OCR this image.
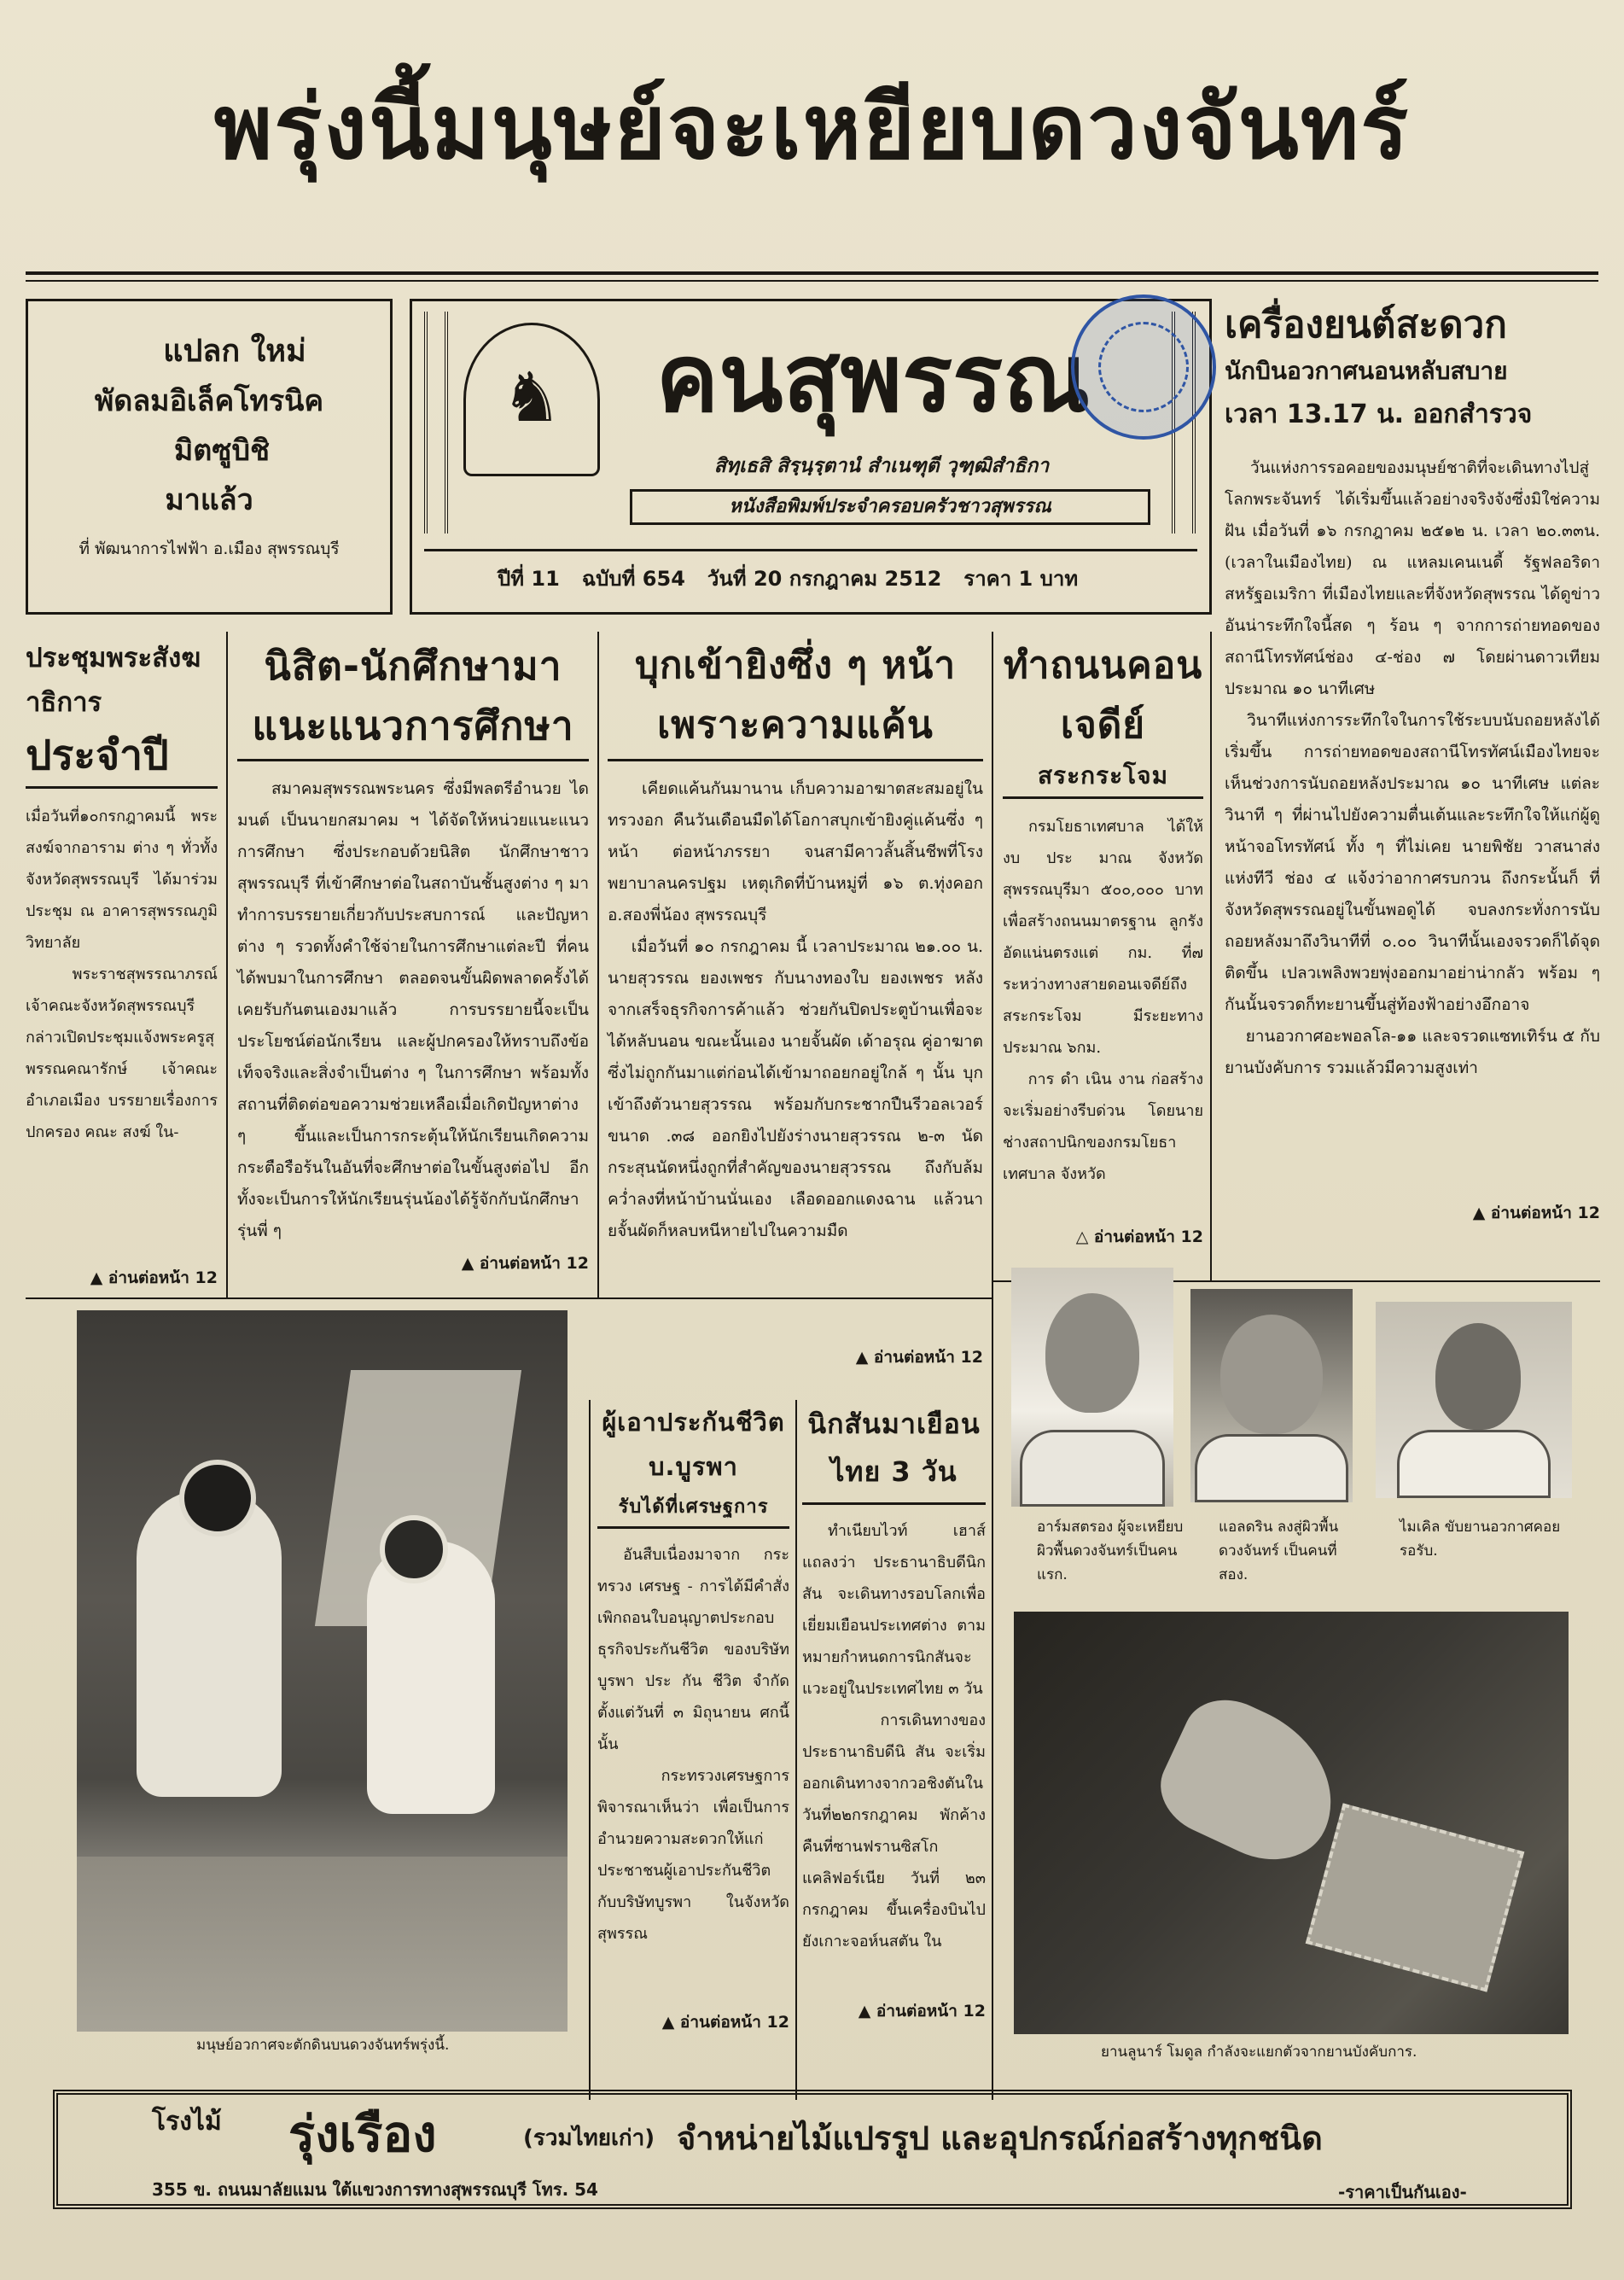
พรุ่งนี้มนุษย์จะเหยียบดวงจันทร์
แปลก ใหม่
พัดลมอิเล็คโทรนิค
มิตซูบิชิ
มาแล้ว
ที่ พัฒนาการไฟฟ้า อ.เมือง สุพรรณบุรี
♞ คนสุพรรณ
สิทฺเธสิ สิรฺนฺรฺตานํ สำเนฑุตี วุฑฺฒิสำธิกา
หนังสือพิมพ์ประจำครอบครัวชาวสุพรรณ
ปีที่ 11 ฉบับที่ 654 วันที่ 20 กรกฎาคม 2512 ราคา 1 บาท
เครื่องยนต์สะดวก
นักบินอวกาศนอนหลับสบาย
เวลา 13.17 น. ออกสำรวจ
วันแห่งการรอคอยของมนุษย์ชาติที่จะเดินทางไปสู่โลกพระจันทร์ ได้เริ่มขึ้นแล้วอย่างจริงจังซึ่งมิใช่ความฝัน เมื่อวันที่ ๑๖ กรกฎาคม ๒๕๑๒ น. เวลา ๒๐.๓๓น. (เวลาในเมืองไทย) ณ แหลมเคนเนดี้ รัฐฟลอริดา สหรัฐอเมริกา ที่เมืองไทยและที่จังหวัดสุพรรณ ได้ดูข่าวอันน่าระทึกใจนี้สด ๆ ร้อน ๆ จากการถ่ายทอดของสถานีโทรทัศน์ช่อง ๔-ช่อง ๗ โดยผ่านดาวเทียมประมาณ ๑๐ นาทีเศษ
วินาทีแห่งการระทึกใจในการใช้ระบบนับถอยหลังได้เริ่มขึ้น การถ่ายทอดของสถานีโทรทัศน์เมืองไทยจะเห็นช่วงการนับถอยหลังประมาณ ๑๐ นาทีเศษ แต่ละวินาที ๆ ที่ผ่านไปยังความตื่นเต้นและระทึกใจให้แก่ผู้ดูหน้าจอโทรทัศน์ ทั้ง ๆ ที่ไม่เคย นายพิชัย วาสนาส่ง แห่งทีวี ช่อง ๔ แจ้งว่าอากาศรบกวน ถึงกระนั้นก็ ที่จังหวัดสุพรรณอยู่ในขั้นพอดูได้ จบลงกระทั่งการนับถอยหลังมาถึงวินาทีที่ ๐.๐๐ วินาทีนั้นเองจรวดก็ได้จุดติดขึ้น เปลวเพลิงพวยพุ่งออกมาอย่าน่ากลัว พร้อม ๆ กันนั้นจรวดก็ทะยานขึ้นสู่ท้องฟ้าอย่างอึกอาจ
ยานอวกาศอะพอลโล-๑๑ และจรวดแซทเทิร์น ๕ กับยานบังคับการ รวมแล้วมีความสูงเท่า
▲ อ่านต่อหน้า 12
ประชุมพระสังฆาธิการ
ประจำปี
เมื่อวันที่๑๐กรกฎาคมนี้ พระสงฆ์จากอาราม ต่าง ๆ ทั่วทั้งจังหวัดสุพรรณบุรี ได้มาร่วมประชุม ณ อาคารสุพรรณภูมิวิทยาลัย
พระราชสุพรรณาภรณ์ เจ้าคณะจังหวัดสุพรรณบุรี กล่าวเปิดประชุมแจ้งพระครูสุพรรณคณารักษ์ เจ้าคณะอำเภอเมือง บรรยายเรื่องการปกครอง คณะ สงฆ์ ใน-
▲ อ่านต่อหน้า 12
นิสิต-นักศึกษามาแนะแนวการศึกษา
สมาคมสุพรรณพระนคร ซึ่งมีพลตรีอำนวย ไดมนต์ เป็นนายกสมาคม ฯ ได้จัดให้หน่วยแนะแนวการศึกษา ซึ่งประกอบด้วยนิสิต นักศึกษาชาวสุพรรณบุรี ที่เข้าศึกษาต่อในสถาบันชั้นสูงต่าง ๆ มาทำการบรรยายเกี่ยวกับประสบการณ์ และปัญหาต่าง ๆ รวดทั้งคำใช้จ่ายในการศึกษาแต่ละปี ที่คนได้พบมาในการศึกษา ตลอดจนขั้นผิดพลาดครั้งได้เคยรับกันตนเองมาแล้ว การบรรยายนี้จะเป็นประโยชน์ต่อนักเรียน และผู้ปกครองให้ทราบถึงข้อเท็จจริงและสิ่งจำเป็นต่าง ๆ ในการศึกษา พร้อมทั้งสถานที่ติดต่อขอความช่วยเหลือเมื่อเกิดปัญหาต่าง ๆ ขึ้นและเป็นการกระตุ้นให้นักเรียนเกิดความกระตือรือร้นในอันที่จะศึกษาต่อในขั้นสูงต่อไป อีกทั้งจะเป็นการให้นักเรียนรุ่นน้องได้รู้จักกับนักศึกษารุ่นพี่ ๆ
▲ อ่านต่อหน้า 12
บุกเข้ายิงซึ่ง ๆ หน้าเพราะความแค้น
เคียดแค้นกันมานาน เก็บความอาฆาตสะสมอยู่ในทรวงอก คืนวันเดือนมืดได้โอกาสบุกเข้ายิงคู่แค้นซึ่ง ๆ หน้า ต่อหน้าภรรยา จนสามีคาวลั้นสิ้นชีพที่โรงพยาบาลนครปฐม เหตุเกิดที่บ้านหมู่ที่ ๑๖ ต.ทุ่งคอก อ.สองพี่น้อง สุพรรณบุรี
เมื่อวันที่ ๑๐ กรกฎาคม นี้ เวลาประมาณ ๒๑.๐๐ น. นายสุวรรณ ยองเพชร กับนางทองใบ ยองเพชร หลังจากเสร็จธุรกิจการค้าแล้ว ช่วยกันปิดประตูบ้านเพื่อจะได้หลับนอน ขณะนั้นเอง นายจั้นผัด เด้าอรุณ คู่อาฆาตซึ่งไม่ถูกกันมาแต่ก่อนได้เข้ามาถอยกอยู่ใกล้ ๆ นั้น บุกเข้าถึงตัวนายสุวรรณ พร้อมกับกระชากปืนรีวอลเวอร์ขนาด .๓๘ ออกยิงไปยังร่างนายสุวรรณ ๒-๓ นัด กระสุนนัดหนึ่งถูกที่สำคัญของนายสุวรรณ ถึงกับล้มคว่ำลงที่หน้าบ้านนั่นเอง เลือดออกแดงฉาน แล้วนายจั้นผัดก็หลบหนีหายไปในความมืด
▲ อ่านต่อหน้า 12
ทำถนนคอนเจดีย์
สระกระโจม
กรมโยธาเทศบาล ได้ให้ งบ ประ มาณ จังหวัดสุพรรณบุรีมา ๕๐๐,๐๐๐ บาท เพื่อสร้างถนนมาตรฐาน ลูกรังอัดแน่นตรงแต่ กม. ที่๗ ระหว่างทางสายดอนเจดีย์ถึง สระกระโจม มีระยะทางประมาณ ๖กม.
การ ดำ เนิน งาน ก่อสร้าง จะเริ่มอย่างรีบด่วน โดยนายช่างสถาปนิกของกรมโยธาเทศบาล จังหวัด
△ อ่านต่อหน้า 12
มนุษย์อวกาศจะตักดินบนดวงจันทร์พรุ่งนี้.
ผู้เอาประกันชีวิต บ.บูรพา
รับได้ที่เศรษฐการ
อันสืบเนื่องมาจาก กระ ทรวง เศรษฐ - การได้มีคำสั่งเพิกถอนใบอนุญาตประกอบธุรกิจประกันชีวิต ของบริษัทบูรพา ประ กัน ชีวิต จำกัด ตั้งแต่วันที่ ๓ มิถุนายน ศกนี้ นั้น
กระทรวงเศรษฐการพิจารณาเห็นว่า เพื่อเป็นการอำนวยความสะดวกให้แก่ประชาชนผู้เอาประกันชีวิต กับบริษัทบูรพา ในจังหวัดสุพรรณ
▲ อ่านต่อหน้า 12
นิกสันมาเยือนไทย 3 วัน
ทำเนียบไวท์ เฮาส์ แถลงว่า ประธานาธิบดีนิกสัน จะเดินทางรอบโลกเพื่อเยี่ยมเยือนประเทศต่าง ตามหมายกำหนดการนิกสันจะแวะอยู่ในประเทศไทย ๓ วัน
การเดินทางของประธานาธิบดีนิ สัน จะเริ่มออกเดินทางจากวอชิงตันในวันที่๒๒กรกฎาคม พักค้างคืนที่ซานฟรานซิสโก แคลิฟอร์เนีย วันที่ ๒๓ กรกฎาคม ขึ้นเครื่องบินไปยังเกาะจอห์นสตัน ใน
▲ อ่านต่อหน้า 12
อาร์มสตรอง ผู้จะเหยียบผิวพื้นดวงจันทร์เป็นคนแรก.
แอลดริน ลงสู่ผิวพื้นดวงจันทร์ เป็นคนที่สอง.
ไมเคิล ขับยานอวกาศคอยรอรับ.
ยานลูนาร์ โมดูล กำลังจะแยกตัวจากยานบังคับการ.
โรงไม้ รุ่งเรือง	(รวมไทยเก่า) จำหน่ายไม้แปรรูป และอุปกรณ์ก่อสร้างทุกชนิด
355 ข. ถนนมาลัยแมน ใต้แขวงการทางสุพรรณบุรี โทร. 54	-ราคาเป็นกันเอง-
